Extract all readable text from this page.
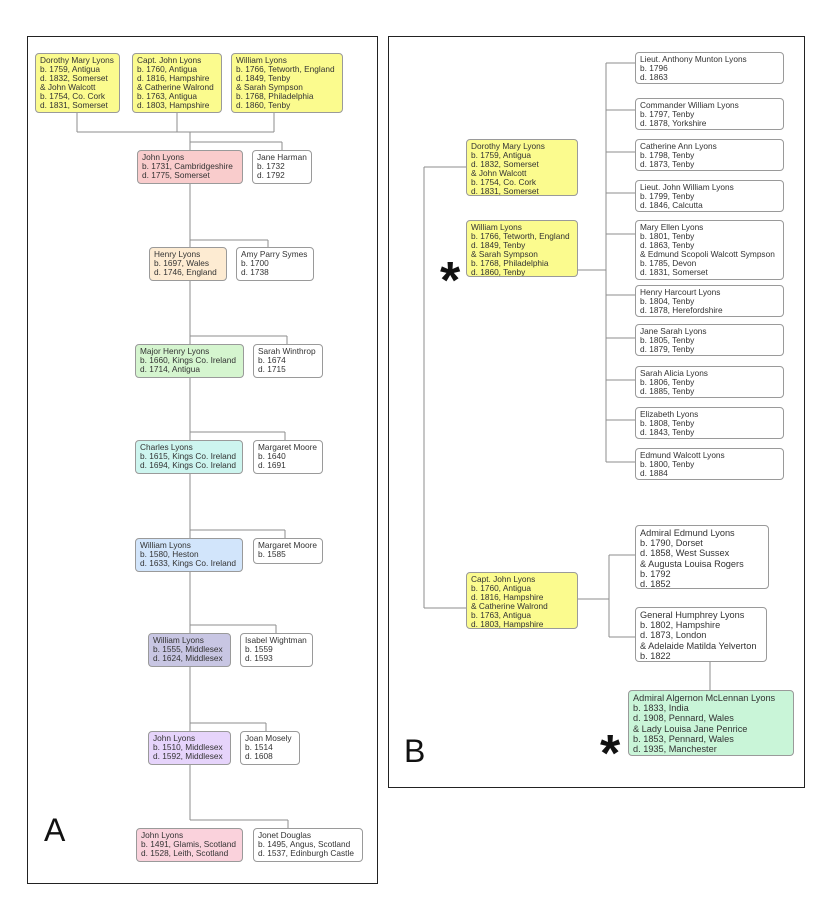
Dorothy Mary Lyons
b. 1759, Antigua
d. 1832, Somerset
& John Walcott
b. 1754, Co. Cork
d. 1831, Somerset
Capt. John Lyons
b. 1760, Antigua
d. 1816, Hampshire
& Catherine Walrond
b. 1763, Antigua
d. 1803, Hampshire
William Lyons
b. 1766, Tetworth, England
d. 1849, Tenby
& Sarah Sympson
b. 1768, Philadelphia
d. 1860, Tenby
John Lyons
b. 1731, Cambridgeshire
d. 1775, Somerset
Jane Harman
b. 1732
d. 1792
Henry Lyons
b. 1697, Wales
d. 1746, England
Amy Parry Symes
b. 1700
d. 1738
Major Henry Lyons
b. 1660, Kings Co. Ireland
d. 1714, Antigua
Sarah Winthrop
b. 1674
d. 1715
Charles Lyons
b. 1615, Kings Co. Ireland
d. 1694, Kings Co. Ireland
Margaret Moore
b. 1640
d. 1691
William Lyons
b. 1580, Heston
d. 1633, Kings Co. Ireland
Margaret Moore
b. 1585
William Lyons
b. 1555, Middlesex
d. 1624, Middlesex
Isabel Wightman
b. 1559
d. 1593
John Lyons
b. 1510, Middlesex
d. 1592, Middlesex
Joan Mosely
b. 1514
d. 1608
John Lyons
b. 1491, Glamis, Scotland
d. 1528, Leith, Scotland
Jonet Douglas
b. 1495, Angus, Scotland
d. 1537, Edinburgh Castle
A
Dorothy Mary Lyons
b. 1759, Antigua
d. 1832, Somerset
& John Walcott
b. 1754, Co. Cork
d. 1831, Somerset
William Lyons
b. 1766, Tetworth, England
d. 1849, Tenby
& Sarah Sympson
b. 1768, Philadelphia
d. 1860, Tenby
Capt. John Lyons
b. 1760, Antigua
d. 1816, Hampshire
& Catherine Walrond
b. 1763, Antigua
d. 1803, Hampshire
Lieut. Anthony Munton Lyons
b. 1796
d. 1863
Commander William Lyons
b. 1797, Tenby
d. 1878, Yorkshire
Catherine Ann Lyons
b. 1798, Tenby
d. 1873, Tenby
Lieut. John William Lyons
b. 1799, Tenby
d. 1846, Calcutta
Mary Ellen Lyons
b. 1801, Tenby
d. 1863, Tenby
& Edmund Scopoli Walcott Sympson
b. 1785, Devon
d. 1831, Somerset
Henry Harcourt Lyons
b. 1804, Tenby
d. 1878, Herefordshire
Jane Sarah Lyons
b. 1805, Tenby
d. 1879, Tenby
Sarah Alicia Lyons
b. 1806, Tenby
d. 1885, Tenby
Elizabeth Lyons
b. 1808, Tenby
d. 1843, Tenby
Edmund Walcott Lyons
b. 1800, Tenby
d. 1884
Admiral Edmund Lyons
b. 1790, Dorset
d. 1858, West Sussex
& Augusta Louisa Rogers
b. 1792
d. 1852
General Humphrey Lyons
b. 1802, Hampshire
d. 1873, London
& Adelaide Matilda Yelverton
b. 1822
Admiral Algernon McLennan Lyons
b. 1833, India
d. 1908, Pennard, Wales
& Lady Louisa Jane Penrice
b. 1853, Pennard, Wales
d. 1935, Manchester
*
*
B
